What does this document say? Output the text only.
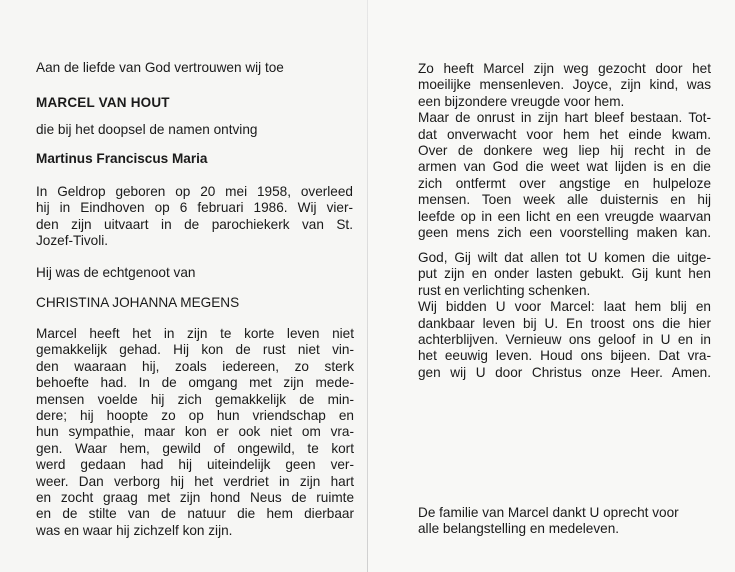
Aan de liefde van God vertrouwen wij toe
MARCEL VAN HOUT
die bij het doopsel de namen ontving
Martinus Franciscus Maria
In Geldrop geboren op 20 mei 1958, overleed
hij in Eindhoven op 6 februari 1986. Wij vier-
den zijn uitvaart in de parochiekerk van St.
Jozef-Tivoli.
Hij was de echtgenoot van
CHRISTINA JOHANNA MEGENS
Marcel heeft het in zijn te korte leven niet
gemakkelijk gehad. Hij kon de rust niet vin-
den waaraan hij, zoals iedereen, zo sterk
behoefte had. In de omgang met zijn mede-
mensen voelde hij zich gemakkelijk de min-
dere; hij hoopte zo op hun vriendschap en
hun sympathie, maar kon er ook niet om vra-
gen. Waar hem, gewild of ongewild, te kort
werd gedaan had hij uiteindelijk geen ver-
weer. Dan verborg hij het verdriet in zijn hart
en zocht graag met zijn hond Neus de ruimte
en de stilte van de natuur die hem dierbaar
was en waar hij zichzelf kon zijn.
Zo heeft Marcel zijn weg gezocht door het
moeilijke mensenleven. Joyce, zijn kind, was
een bijzondere vreugde voor hem.
Maar de onrust in zijn hart bleef bestaan. Tot-
dat onverwacht voor hem het einde kwam.
Over de donkere weg liep hij recht in de
armen van God die weet wat lijden is en die
zich ontfermt over angstige en hulpeloze
mensen. Toen week alle duisternis en hij
leefde op in een licht en een vreugde waarvan
geen mens zich een voorstelling maken kan.
God, Gij wilt dat allen tot U komen die uitge-
put zijn en onder lasten gebukt. Gij kunt hen
rust en verlichting schenken.
Wij bidden U voor Marcel: laat hem blij en
dankbaar leven bij U. En troost ons die hier
achterblijven. Vernieuw ons geloof in U en in
het eeuwig leven. Houd ons bijeen. Dat vra-
gen wij U door Christus onze Heer. Amen.
De familie van Marcel dankt U oprecht voor
alle belangstelling en medeleven.
